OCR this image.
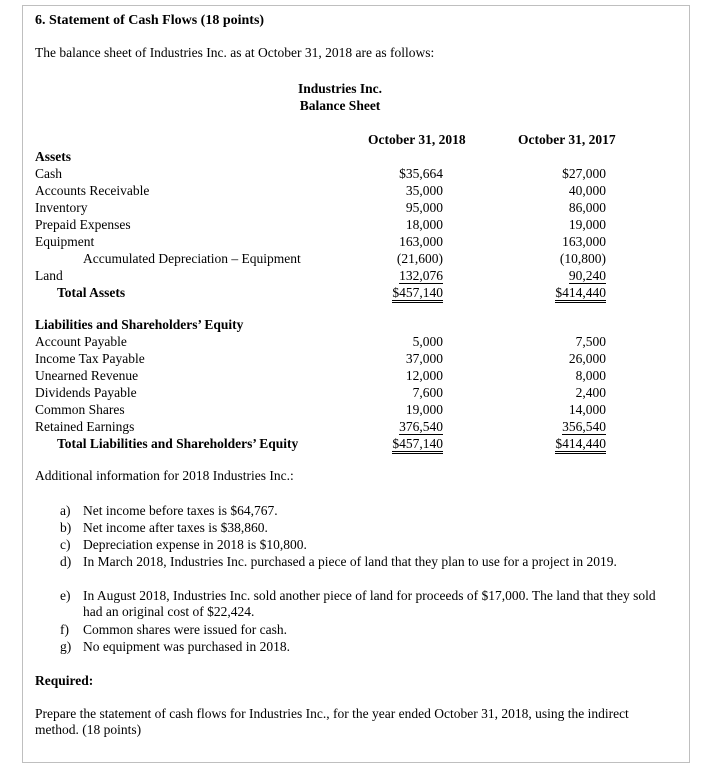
6. Statement of Cash Flows (18 points)
The balance sheet of Industries Inc. as at October 31, 2018 are as follows:
Industries Inc.
Balance Sheet
October 31, 2018	October 31, 2017
Assets
Cash	$35,664	$27,000
Accounts Receivable	35,000	40,000
Inventory	95,000	86,000
Prepaid Expenses	18,000	19,000
Equipment	163,000	163,000
Accumulated Depreciation – Equipment	(21,600)	(10,800)
Land	132,076	90,240
Total Assets	$457,140	$414,440
Liabilities and Shareholders’ Equity
Account Payable	5,000	7,500
Income Tax Payable	37,000	26,000
Unearned Revenue	12,000	8,000
Dividends Payable	7,600	2,400
Common Shares	19,000	14,000
Retained Earnings	376,540	356,540
Total Liabilities and Shareholders’ Equity	$457,140	$414,440
Additional information for 2018 Industries Inc.:
a) Net income before taxes is $64,767.
b) Net income after taxes is $38,860.
c) Depreciation expense in 2018 is $10,800.
d) In March 2018, Industries Inc. purchased a piece of land that they plan to use for a project in 2019.
e) In August 2018, Industries Inc. sold another piece of land for proceeds of $17,000. The land that they sold had an original cost of $22,424.
f) Common shares were issued for cash.
g) No equipment was purchased in 2018.
Required:
Prepare the statement of cash flows for Industries Inc., for the year ended October 31, 2018, using the indirect method. (18 points)
